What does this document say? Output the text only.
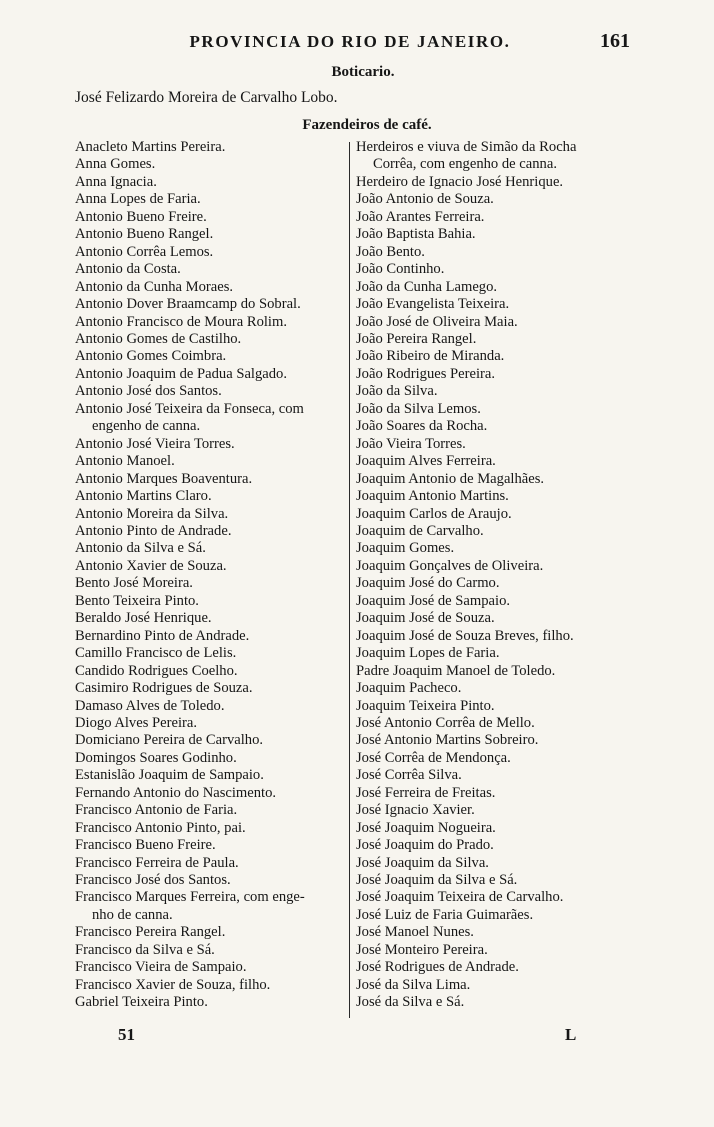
PROVINCIA DO RIO DE JANEIRO.	161
Boticario.
José Felizardo Moreira de Carvalho Lobo.
Fazendeiros de café.
Anacleto Martins Pereira.
Anna Gomes.
Anna Ignacia.
Anna Lopes de Faria.
Antonio Bueno Freire.
Antonio Bueno Rangel.
Antonio Corrêa Lemos.
Antonio da Costa.
Antonio da Cunha Moraes.
Antonio Dover Braamcamp do Sobral.
Antonio Francisco de Moura Rolim.
Antonio Gomes de Castilho.
Antonio Gomes Coimbra.
Antonio Joaquim de Padua Salgado.
Antonio José dos Santos.
Antonio José Teixeira da Fonseca, com
engenho de canna.
Antonio José Vieira Torres.
Antonio Manoel.
Antonio Marques Boaventura.
Antonio Martins Claro.
Antonio Moreira da Silva.
Antonio Pinto de Andrade.
Antonio da Silva e Sá.
Antonio Xavier de Souza.
Bento José Moreira.
Bento Teixeira Pinto.
Beraldo José Henrique.
Bernardino Pinto de Andrade.
Camillo Francisco de Lelis.
Candido Rodrigues Coelho.
Casimiro Rodrigues de Souza.
Damaso Alves de Toledo.
Diogo Alves Pereira.
Domiciano Pereira de Carvalho.
Domingos Soares Godinho.
Estanislão Joaquim de Sampaio.
Fernando Antonio do Nascimento.
Francisco Antonio de Faria.
Francisco Antonio Pinto, pai.
Francisco Bueno Freire.
Francisco Ferreira de Paula.
Francisco José dos Santos.
Francisco Marques Ferreira, com enge-
nho de canna.
Francisco Pereira Rangel.
Francisco da Silva e Sá.
Francisco Vieira de Sampaio.
Francisco Xavier de Souza, filho.
Gabriel Teixeira Pinto.
Herdeiros e viuva de Simão da Rocha
Corrêa, com engenho de canna.
Herdeiro de Ignacio José Henrique.
João Antonio de Souza.
João Arantes Ferreira.
João Baptista Bahia.
João Bento.
João Continho.
João da Cunha Lamego.
João Evangelista Teixeira.
João José de Oliveira Maia.
João Pereira Rangel.
João Ribeiro de Miranda.
João Rodrigues Pereira.
João da Silva.
João da Silva Lemos.
João Soares da Rocha.
João Vieira Torres.
Joaquim Alves Ferreira.
Joaquim Antonio de Magalhães.
Joaquim Antonio Martins.
Joaquim Carlos de Araujo.
Joaquim de Carvalho.
Joaquim Gomes.
Joaquim Gonçalves de Oliveira.
Joaquim José do Carmo.
Joaquim José de Sampaio.
Joaquim José de Souza.
Joaquim José de Souza Breves, filho.
Joaquim Lopes de Faria.
Padre Joaquim Manoel de Toledo.
Joaquim Pacheco.
Joaquim Teixeira Pinto.
José Antonio Corrêa de Mello.
José Antonio Martins Sobreiro.
José Corrêa de Mendonça.
José Corrêa Silva.
José Ferreira de Freitas.
José Ignacio Xavier.
José Joaquim Nogueira.
José Joaquim do Prado.
José Joaquim da Silva.
José Joaquim da Silva e Sá.
José Joaquim Teixeira de Carvalho.
José Luiz de Faria Guimarães.
José Manoel Nunes.
José Monteiro Pereira.
José Rodrigues de Andrade.
José da Silva Lima.
José da Silva e Sá.
51	L
